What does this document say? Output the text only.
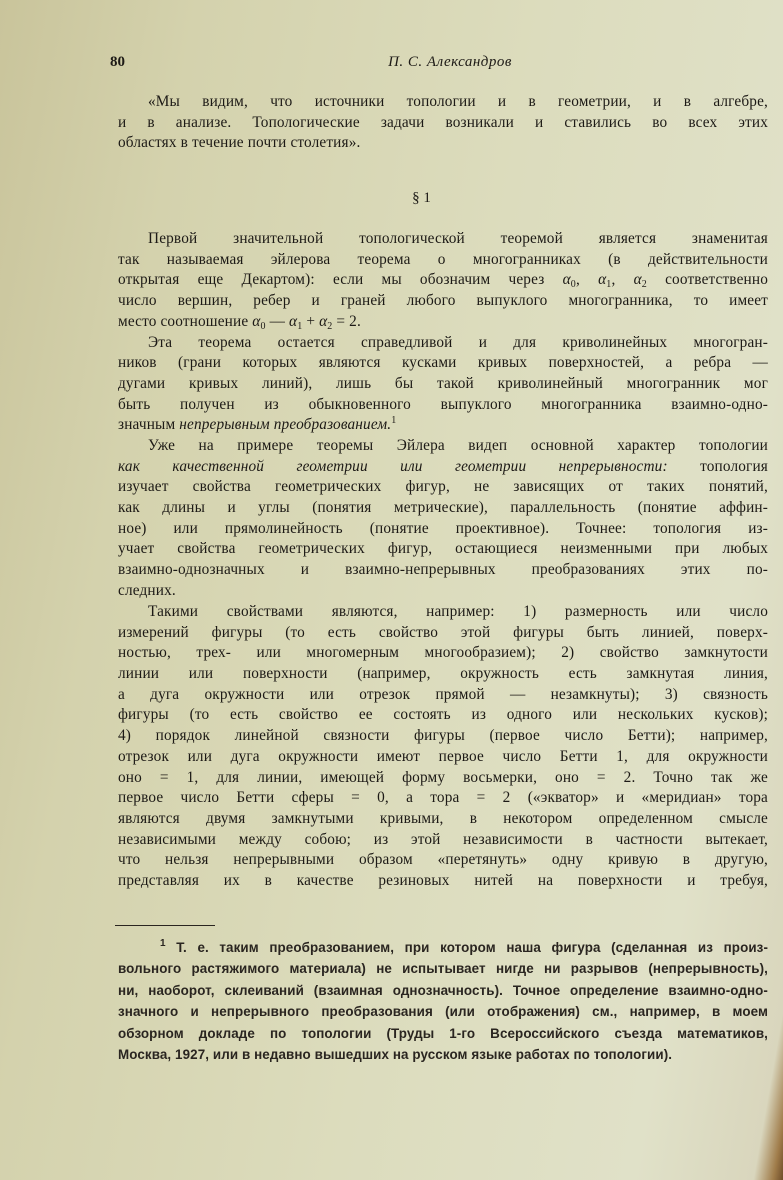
80	П. С. Александров
«Мы видим, что источники топологии и в геометрии, и в алгебре,
и в анализе. Топологические задачи возникали и ставились во всех этих
областях в течение почти столетия».
§ 1
Первой значительной топологической теоремой является знаменитая
так называемая эйлерова теорема о многогранниках (в действительности
открытая еще Декартом): если мы обозначим через $\alpha_0$, $\alpha_1$, $\alpha_2$ соответственно
число вершин, ребер и граней любого выпуклого многогранника, то имеет
место соотношение $\alpha_0$ — $\alpha_1 + \alpha_2 = 2$.
Эта теорема остается справедливой и для криволинейных многогран-
ников (грани которых являются кусками кривых поверхностей, а ребра —
дугами кривых линий), лишь бы такой криволинейный многогранник мог
быть получен из обыкновенного выпуклого многогранника взаимно-одно-
значным непрерывным преобразованием.$^1$
Уже на примере теоремы Эйлера видеп основной характер топологии
как качественной геометрии или геометрии непрерывности: топология
изучает свойства геометрических фигур, не зависящих от таких понятий,
как длины и углы (понятия метрические), параллельность (понятие аффин-
ное) или прямолинейность (понятие проективное). Точнее: топология из-
учает свойства геометрических фигур, остающиеся неизменными при любых
взаимно-однозначных и взаимно-непрерывных преобразованиях этих по-
следних.
Такими свойствами являются, например: 1) размерность или число
измерений фигуры (то есть свойство этой фигуры быть линией, поверх-
ностью, трех- или многомерным многообразием); 2) свойство замкнутости
линии или поверхности (например, окружность есть замкнутая линия,
а дуга окружности или отрезок прямой — незамкнуты); 3) связность
фигуры (то есть свойство ее состоять из одного или нескольких кусков);
4) порядок линейной связности фигуры (первое число Бетти); например,
отрезок или дуга окружности имеют первое число Бетти 1, для окружности
оно = 1, для линии, имеющей форму восьмерки, оно = 2. Точно так же
первое число Бетти сферы = 0, а тора = 2 («экватор» и «меридиан» тора
являются двумя замкнутыми кривыми, в некотором определенном смысле
независимыми между собою; из этой независимости в частности вытекает,
что нельзя непрерывными образом «перетянуть» одну кривую в другую,
представляя их в качестве резиновых нитей на поверхности и требуя,
$^1$ Т. е. таким преобразованием, при котором наша фигура (сделанная из произ-
вольного растяжимого материала) не испытывает нигде ни разрывов (непрерывность),
ни, наоборот, склеиваний (взаимная однозначность). Точное определение взаимно-одно-
значного и непрерывного преобразования (или отображения) см., например, в моем
обзорном докладе по топологии (Труды 1-го Всероссийского съезда математиков,
Москва, 1927, или в недавно вышедших на русском языке работах по топологии).
